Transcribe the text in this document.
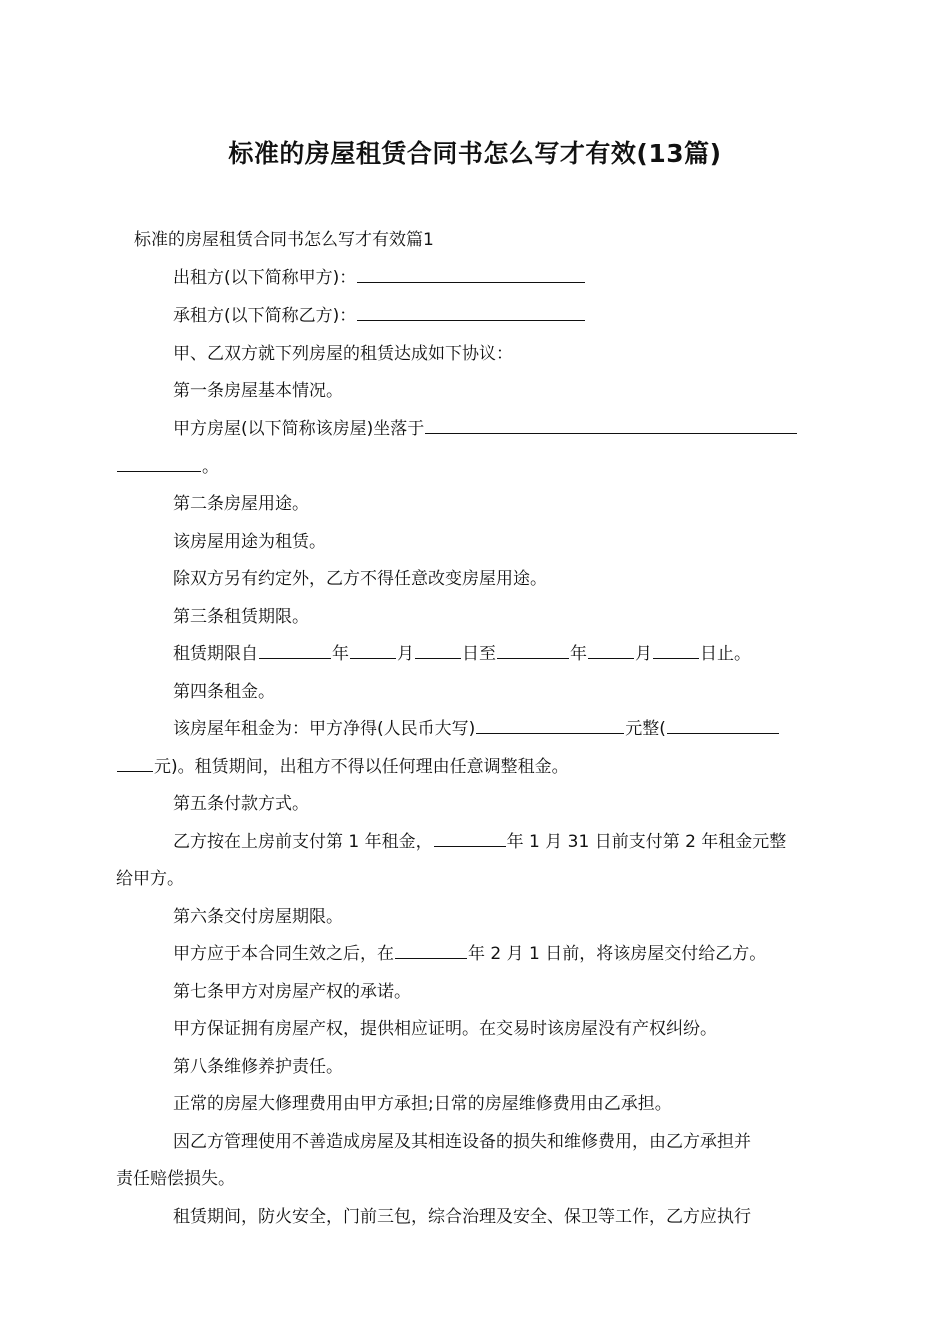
标准的房屋租赁合同书怎么写才有效(13篇)
标准的房屋租赁合同书怎么写才有效篇1
出租方(以下简称甲方)：
承租方(以下简称乙方)：
甲、乙双方就下列房屋的租赁达成如下协议：
第一条房屋基本情况。
甲方房屋(以下简称该房屋)坐落于
。
第二条房屋用途。
该房屋用途为租赁。
除双方另有约定外，乙方不得任意改变房屋用途。
第三条租赁期限。
租赁期限自	年	月	日至	年	月	日止。
第四条租金。
该房屋年租金为：甲方净得(人民币大写)	元整(
元)。租赁期间，出租方不得以任何理由任意调整租金。
第五条付款方式。
乙方按在上房前支付第 1 年租金，	年 1 月 31 日前支付第 2 年租金元整
给甲方。
第六条交付房屋期限。
甲方应于本合同生效之后，在	年 2 月 1 日前，将该房屋交付给乙方。
第七条甲方对房屋产权的承诺。
甲方保证拥有房屋产权，提供相应证明。在交易时该房屋没有产权纠纷。
第八条维修养护责任。
正常的房屋大修理费用由甲方承担;日常的房屋维修费用由乙承担。
因乙方管理使用不善造成房屋及其相连设备的损失和维修费用，由乙方承担并
责任赔偿损失。
租赁期间，防火安全，门前三包，综合治理及安全、保卫等工作，乙方应执行
